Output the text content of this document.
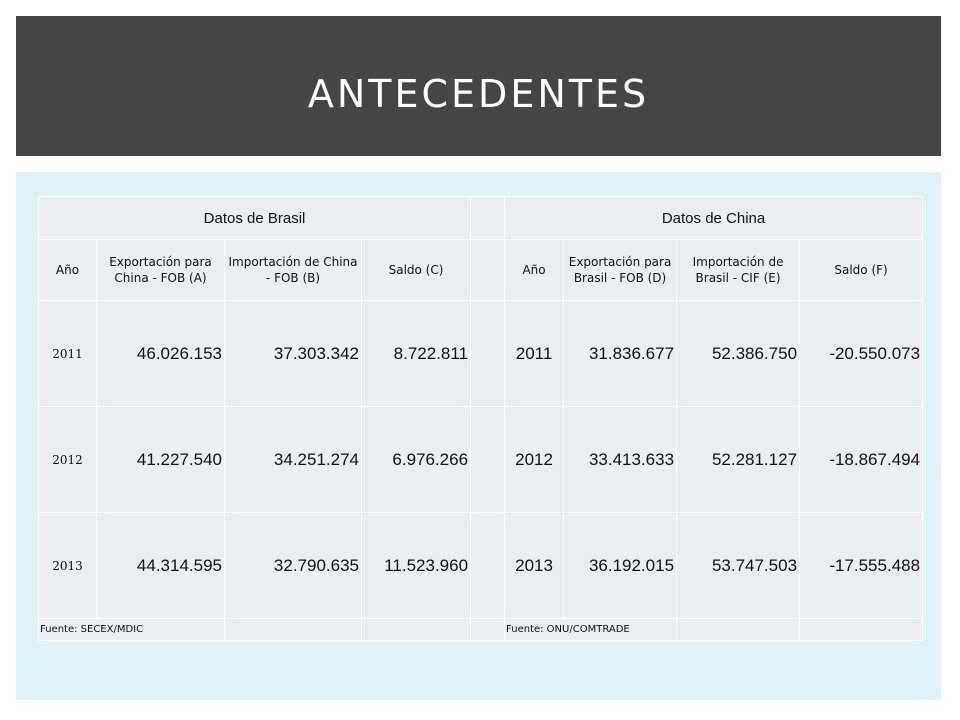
ANTECEDENTES
Datos de Brasil					Datos de China			
Año	Exportación para China - FOB (A)	Importación de China - FOB (B)	Saldo (C)		Año	Exportación para Brasil - FOB (D)	Importación de Brasil - CIF (E)	Saldo (F)
2011	46.026.153	37.303.342	8.722.811		2011	31.836.677	52.386.750	-20.550.073
2012	41.227.540	34.251.274	6.976.266		2012	33.413.633	52.281.127	-18.867.494
2013	44.314.595	32.790.635	11.523.960		2013	36.192.015	53.747.503	-17.555.488
Fuente: SECEX/MDIC					Fuente: ONU/COMTRADE			
